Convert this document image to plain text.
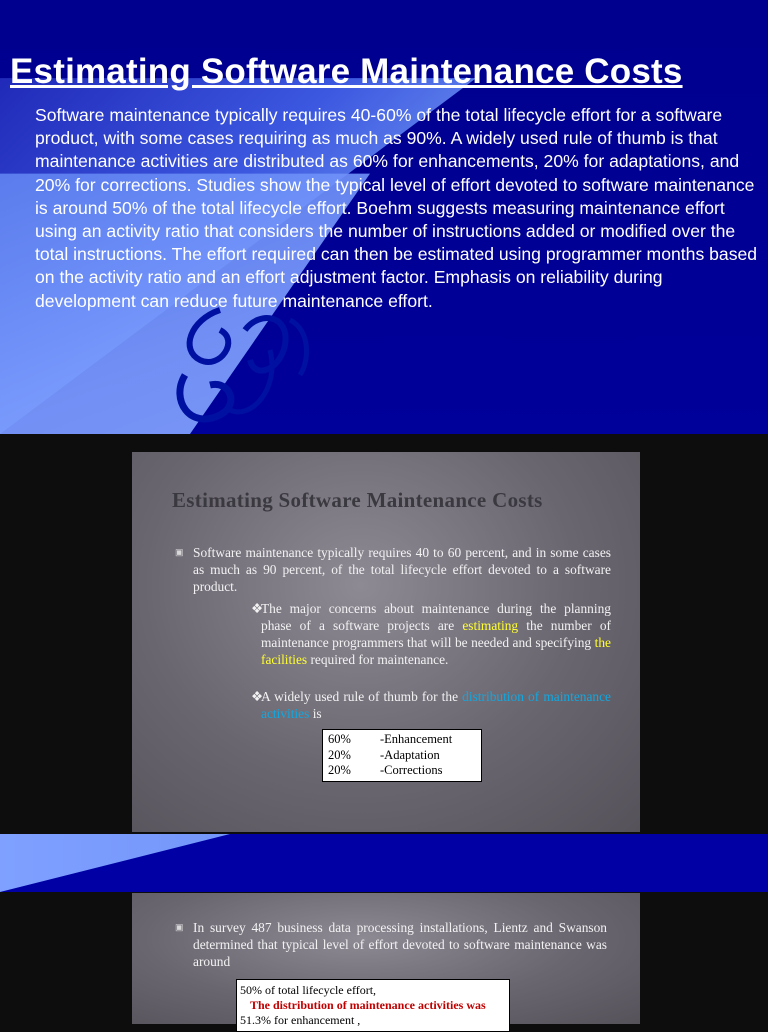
Estimating Software Maintenance Costs

Software maintenance typically requires 40-60% of the total lifecycle effort for a software product, with some cases requiring as much as 90%. A widely used rule of thumb is that maintenance activities are distributed as 60% for enhancements, 20% for adaptations, and 20% for corrections. Studies show the typical level of effort devoted to software maintenance is around 50% of the total lifecycle effort. Boehm suggests measuring maintenance effort using an activity ratio that considers the number of instructions added or modified over the total instructions. The effort required can then be estimated using programmer months based on the activity ratio and an effort adjustment factor. Emphasis on reliability during development can reduce future maintenance effort.

Estimating Software Maintenance Costs
▣ Software maintenance typically requires 40 to 60 percent, and in some cases as much as 90 percent, of the total lifecycle effort devoted to a software product.
❖
The major concerns about maintenance during the planning phase of a software projects are estimating the number of maintenance programmers that will be needed and specifying the facilities required for maintenance.
❖
A widely used rule of thumb for the distribution of maintenance activities is
60%	-Enhancement
20%	-Adaptation
20%	-Corrections
▣ In survey 487 business data processing installations, Lientz and Swanson determined that typical level of effort devoted to software maintenance was around
50% of total lifecycle effort,
The distribution of maintenance activities was
51.3% for enhancement ,
